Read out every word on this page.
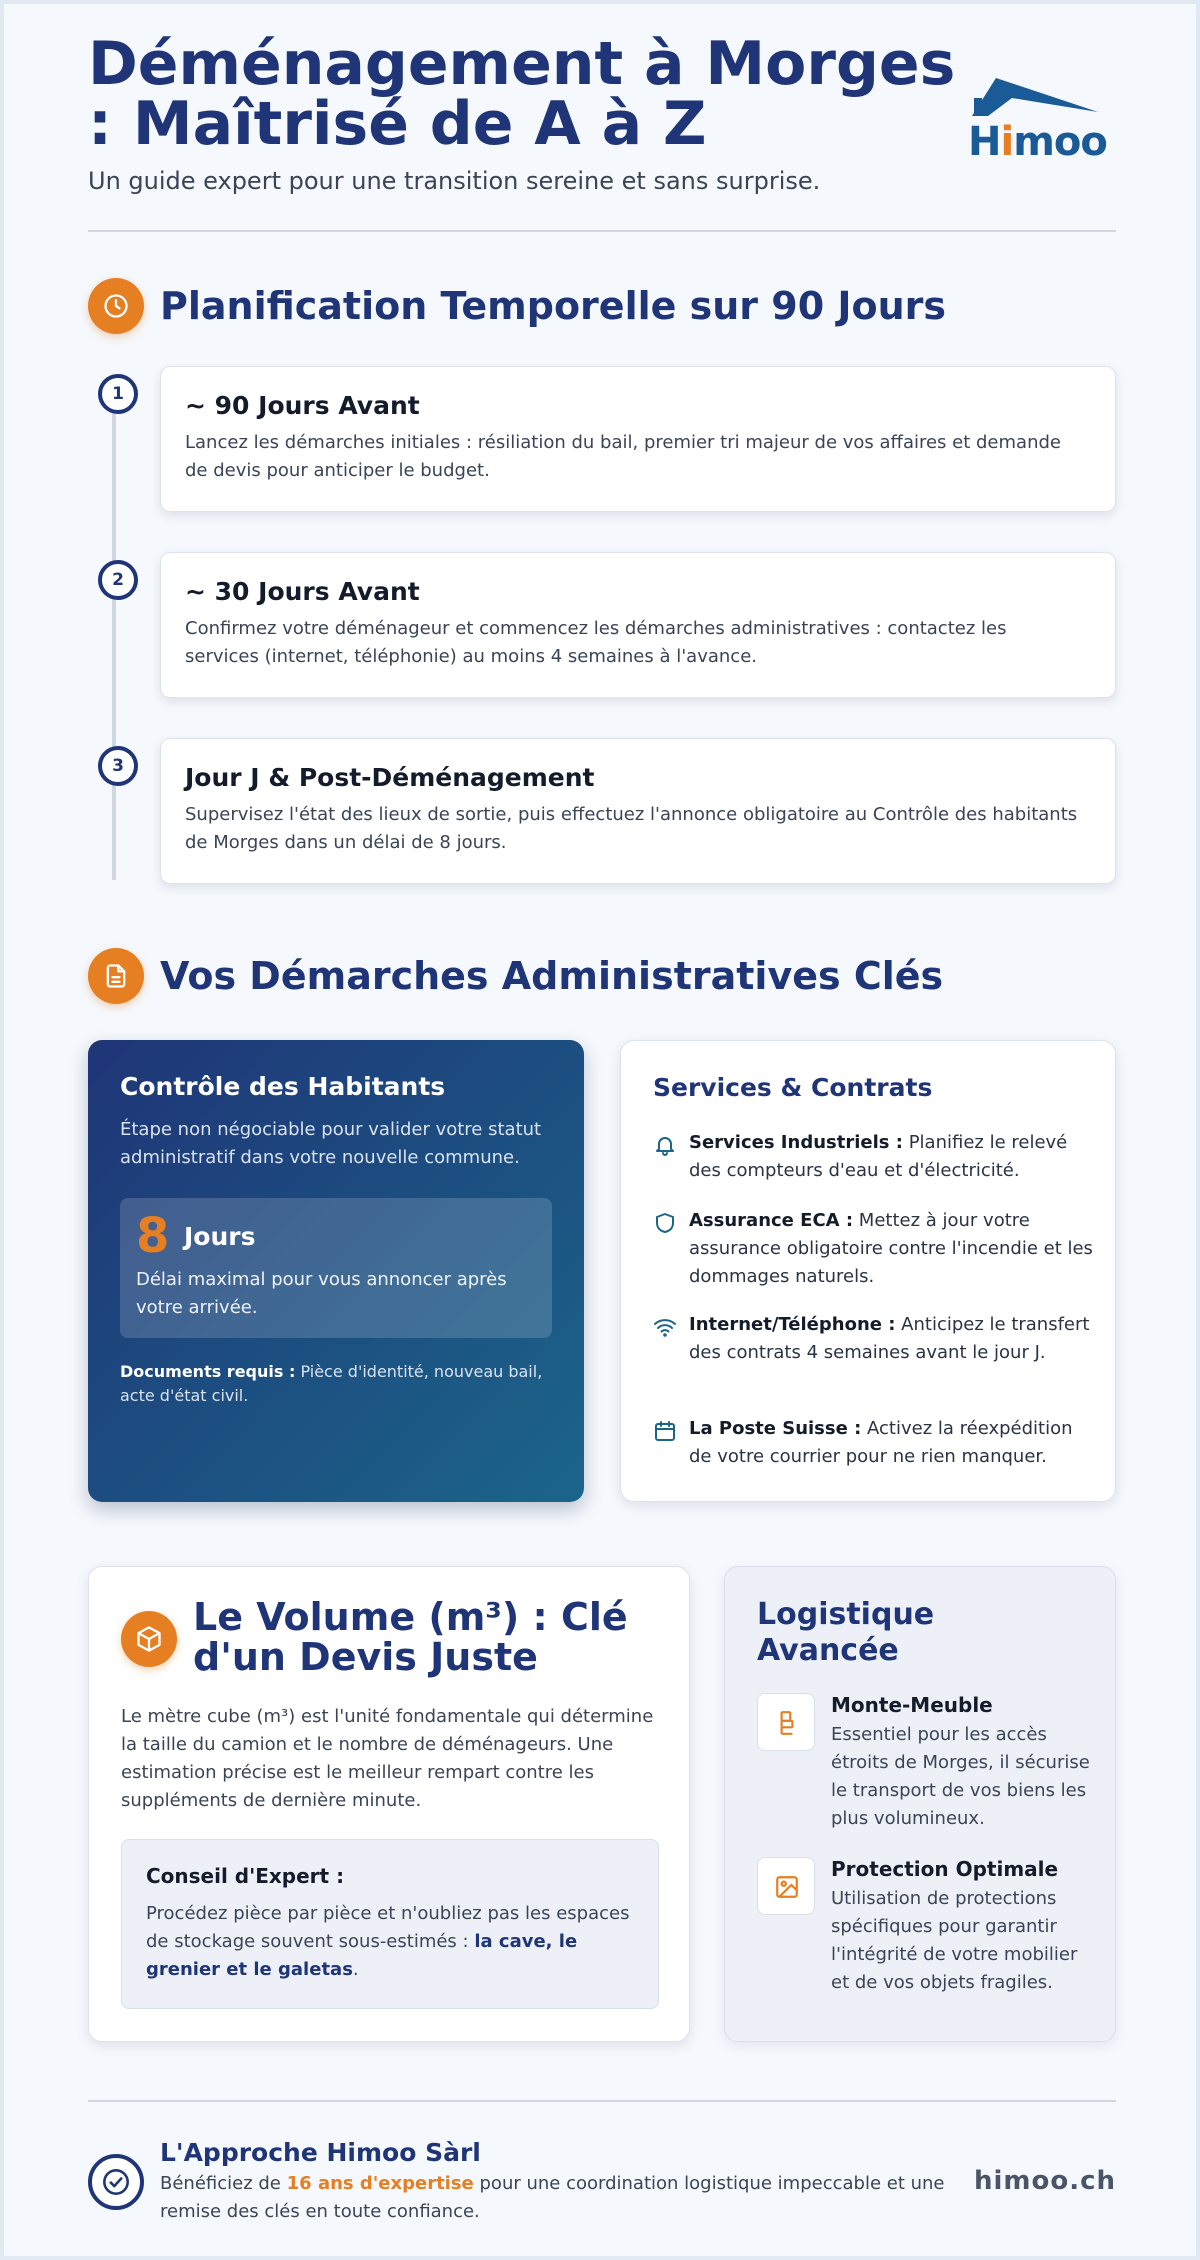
Déménagement à Morges : Maîtrisé de A à Z
Un guide expert pour une transition sereine et sans surprise.
Himoo
Planification Temporelle sur 90 Jours
1	~ 90 Jours Avant

Lancez les démarches initiales : résiliation du bail, premier tri majeur de vos affaires et demande de devis pour anticiper le budget.

2	~ 30 Jours Avant

Confirmez votre déménageur et commencez les démarches administratives : contactez les services (internet, téléphonie) au moins 4 semaines à l'avance.

3	Jour J & Post-Déménagement

Supervisez l'état des lieux de sortie, puis effectuez l'annonce obligatoire au Contrôle des habitants de Morges dans un délai de 8 jours.

Vos Démarches Administratives Clés
Contrôle des Habitants
Étape non négociable pour valider votre statut administratif dans votre nouvelle commune.
8 Jours
Délai maximal pour vous annoncer après votre arrivée.
Documents requis : Pièce d'identité, nouveau bail, acte d'état civil.
Services & Contrats
Services Industriels : Planifiez le relevé des compteurs d'eau et d'électricité.
Assurance ECA : Mettez à jour votre assurance obligatoire contre l'incendie et les dommages naturels.
Internet/Téléphone : Anticipez le transfert des contrats 4 semaines avant le jour J.
La Poste Suisse : Activez la réexpédition de votre courrier pour ne rien manquer.
Le Volume (m³) : Clé d'un Devis Juste

Le mètre cube (m³) est l'unité fondamentale qui détermine la taille du camion et le nombre de déménageurs. Une estimation précise est le meilleur rempart contre les suppléments de dernière minute.

Conseil d'Expert :

Procédez pièce par pièce et n'oubliez pas les espaces de stockage souvent sous-estimés : la cave, le grenier et le galetas.

Logistique Avancée
Monte-Meuble

Essentiel pour les accès étroits de Morges, il sécurise le transport de vos biens les plus volumineux.

Protection Optimale

Utilisation de protections spécifiques pour garantir l'intégrité de votre mobilier et de vos objets fragiles.

L'Approche Himoo Sàrl
Bénéficiez de 16 ans d'expertise pour une coordination logistique impeccable et une remise des clés en toute confiance.
himoo.ch
